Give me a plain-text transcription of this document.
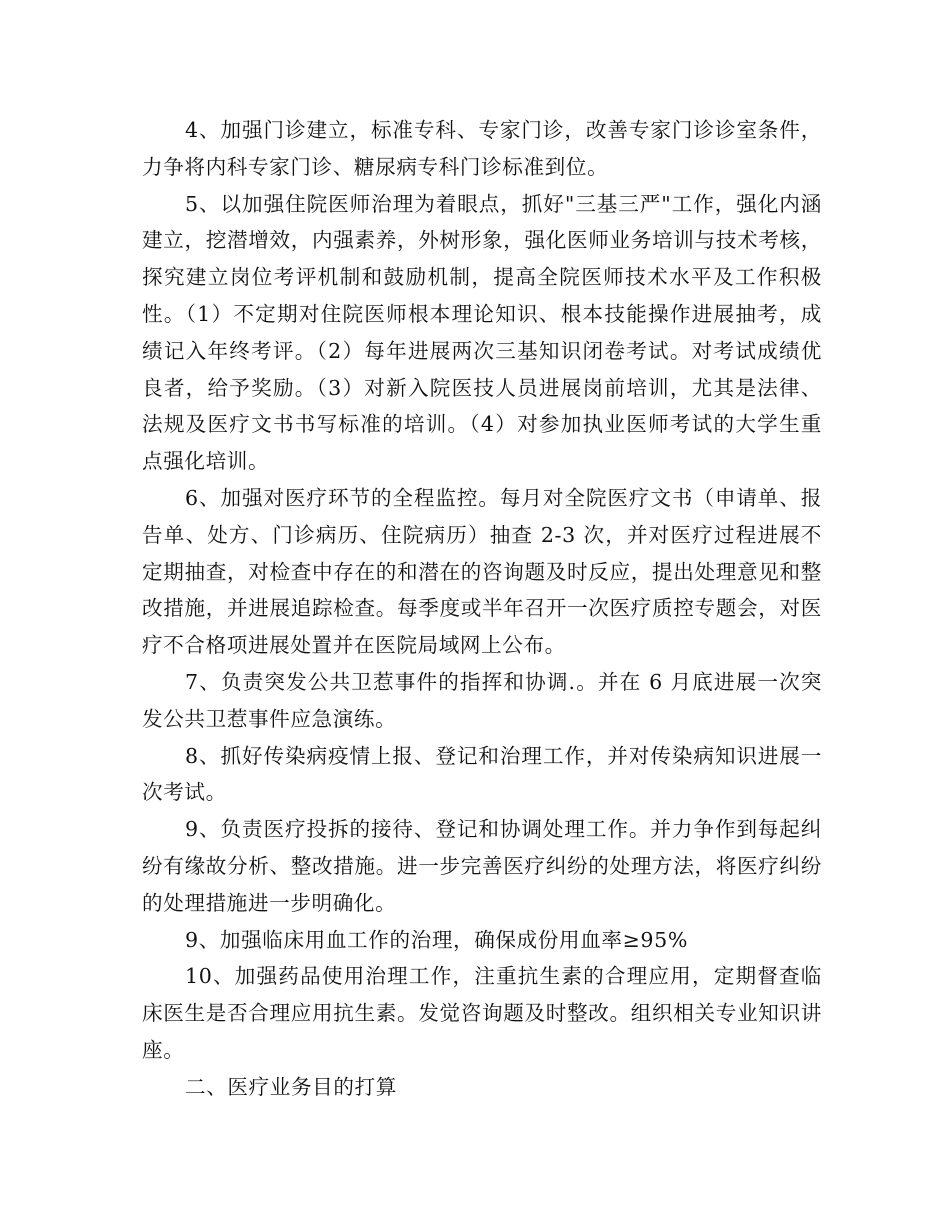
4、加强门诊建立，标准专科、专家门诊，改善专家门诊诊室条件，力争将内科专家门诊、糖尿病专科门诊标准到位。

5、以加强住院医师治理为着眼点，抓好"三基三严"工作，强化内涵建立，挖潜增效，内强素养，外树形象，强化医师业务培训与技术考核，探究建立岗位考评机制和鼓励机制，提高全院医师技术水平及工作积极性。（1）不定期对住院医师根本理论知识、根本技能操作进展抽考，成绩记入年终考评。（2）每年进展两次三基知识闭卷考试。对考试成绩优良者，给予奖励。（3）对新入院医技人员进展岗前培训，尤其是法律、法规及医疗文书书写标准的培训。（4）对参加执业医师考试的大学生重点强化培训。

6、加强对医疗环节的全程监控。每月对全院医疗文书（申请单、报告单、处方、门诊病历、住院病历）抽查 2-3 次，并对医疗过程进展不定期抽查，对检查中存在的和潜在的咨询题及时反应，提出处理意见和整改措施，并进展追踪检查。每季度或半年召开一次医疗质控专题会，对医疗不合格项进展处置并在医院局域网上公布。

7、负责突发公共卫惹事件的指挥和协调.。并在 6 月底进展一次突发公共卫惹事件应急演练。

8、抓好传染病疫情上报、登记和治理工作，并对传染病知识进展一次考试。

9、负责医疗投拆的接待、登记和协调处理工作。并力争作到每起纠纷有缘故分析、整改措施。进一步完善医疗纠纷的处理方法，将医疗纠纷的处理措施进一步明确化。

9、加强临床用血工作的治理，确保成份用血率≥95%

10、加强药品使用治理工作，注重抗生素的合理应用，定期督查临床医生是否合理应用抗生素。发觉咨询题及时整改。组织相关专业知识讲座。

二、医疗业务目的打算
